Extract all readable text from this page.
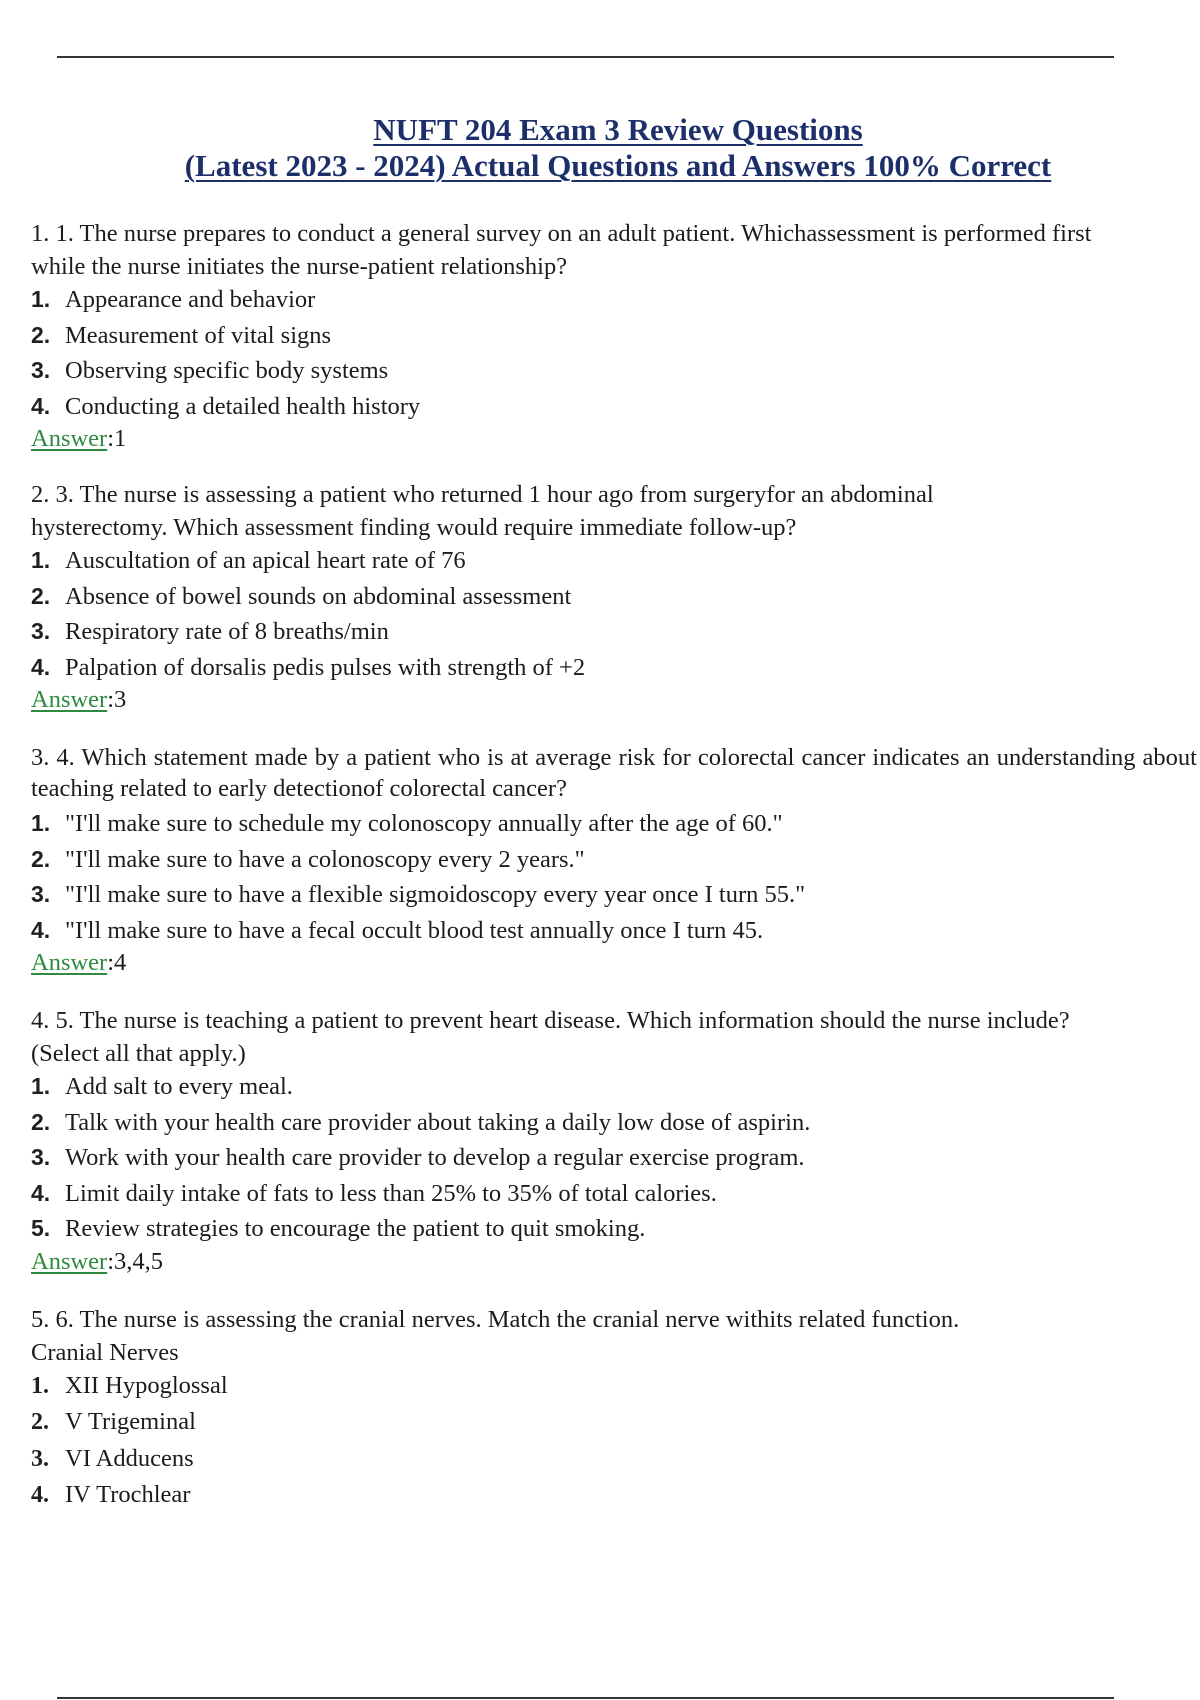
NUFT 204 Exam 3 Review Questions
(Latest 2023 - 2024) Actual Questions and Answers 100% Correct
1. 1. The nurse prepares to conduct a general survey on an adult patient. Whichassessment is performed first
while the nurse initiates the nurse-patient relationship?
1. Appearance and behavior
2. Measurement of vital signs
3. Observing specific body systems
4. Conducting a detailed health history
Answer:1
2. 3. The nurse is assessing a patient who returned 1 hour ago from surgeryfor an abdominal
hysterectomy. Which assessment finding would require immediate follow-up?
1. Auscultation of an apical heart rate of 76
2. Absence of bowel sounds on abdominal assessment
3. Respiratory rate of 8 breaths/min
4. Palpation of dorsalis pedis pulses with strength of +2
Answer:3
3. 4. Which statement made by a patient who is at average risk for colorectal cancer indicates an understanding about teaching related to early detectionof colorectal cancer?
1. "I'll make sure to schedule my colonoscopy annually after the age of 60."
2. "I'll make sure to have a colonoscopy every 2 years."
3. "I'll make sure to have a flexible sigmoidoscopy every year once I turn 55."
4. "I'll make sure to have a fecal occult blood test annually once I turn 45.
Answer:4
4. 5. The nurse is teaching a patient to prevent heart disease. Which information should the nurse include?
(Select all that apply.)
1. Add salt to every meal.
2. Talk with your health care provider about taking a daily low dose of aspirin.
3. Work with your health care provider to develop a regular exercise program.
4. Limit daily intake of fats to less than 25% to 35% of total calories.
5. Review strategies to encourage the patient to quit smoking.
Answer:3,4,5
5. 6. The nurse is assessing the cranial nerves. Match the cranial nerve withits related function.
Cranial Nerves
1. XII Hypoglossal
2. V Trigeminal
3. VI Adducens
4. IV Trochlear
